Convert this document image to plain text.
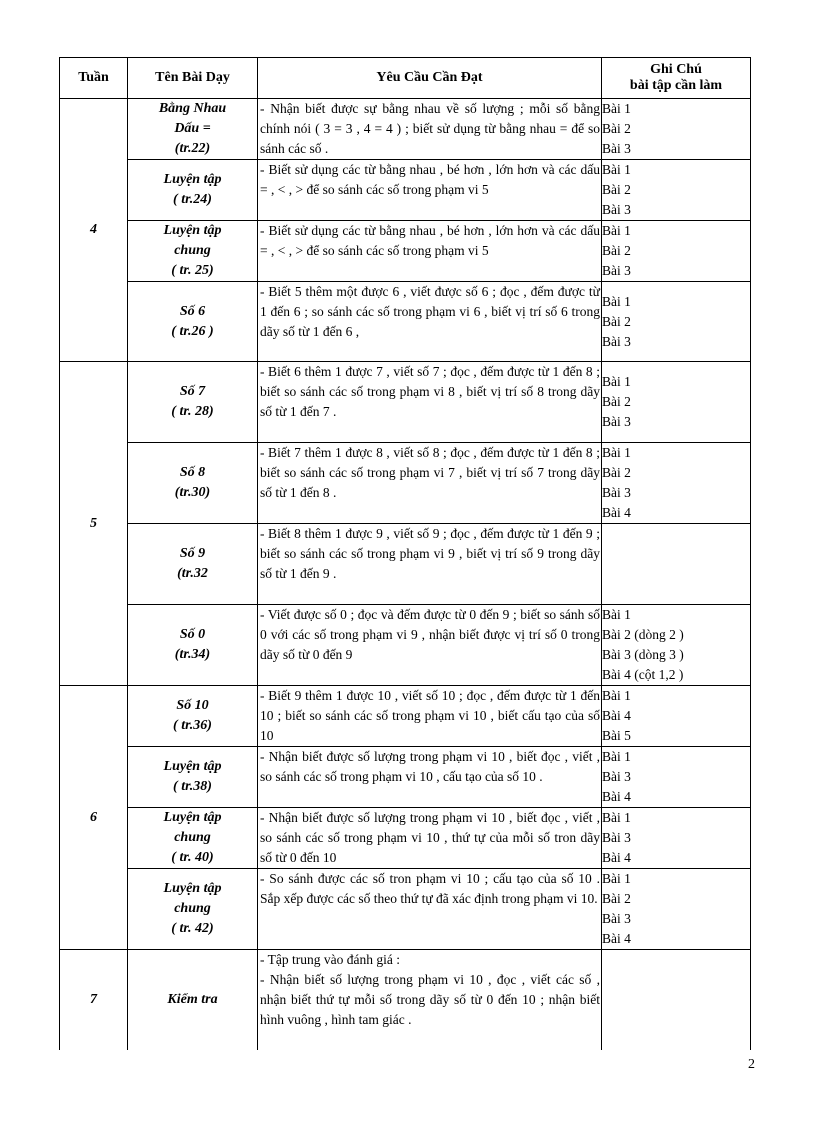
Tuần	Tên Bài Dạy	Yêu Cầu Cần Đạt	Ghi Chú
bài tập cần làm

4	Bằng Nhau
Dấu =
(tr.22)	- Nhận biết được sự bằng nhau về số lượng ; mỗi số bằng chính nói ( 3 = 3 , 4 = 4 ) ; biết sử dụng từ bằng nhau = để so sánh các số .	Bài 1
Bài 2
Bài 3

	Luyện tập
( tr.24)	- Biết sử dụng các từ bằng nhau , bé hơn , lớn hơn và các dấu = , < , > để so sánh các số trong phạm vi 5	Bài 1
Bài 2
Bài 3

	Luyện tập
chung
( tr. 25)	- Biết sử dụng các từ bằng nhau , bé hơn , lớn hơn và các dấu = , < , > để so sánh các số trong phạm vi 5	Bài 1
Bài 2
Bài 3

	Số 6
( tr.26 )	- Biết 5 thêm một được 6 , viết được số 6 ; đọc , đếm được từ 1 đến 6 ; so sánh các số trong phạm vi 6 , biết vị trí số 6 trong dãy số từ 1 đến 6 ,	Bài 1
Bài 2
Bài 3

5	Số 7
( tr. 28)	- Biết 6 thêm 1 được 7 , viết số 7 ; đọc , đếm được từ 1 đến 8 ; biết so sánh các số trong phạm vi 8 , biết vị trí số 8 trong dãy số từ 1 đến 7 .	Bài 1
Bài 2
Bài 3

	Số 8
(tr.30)	- Biết 7 thêm 1 được 8 , viết số 8 ; đọc , đếm được từ 1 đến 8 ; biết so sánh các số trong phạm vi 7 , biết vị trí số 7 trong dãy số từ 1 đến 8 .	Bài 1
Bài 2
Bài 3
Bài 4

	Số 9
(tr.32	- Biết 8 thêm 1 được 9 , viết số 9 ; đọc , đếm được từ 1 đến 9 ; biết so sánh các số trong phạm vi 9 , biết vị trí số 9 trong dãy số từ 1 đến 9 .	

	Số 0
(tr.34)	- Viết được số 0 ; đọc và đếm được từ 0 đến 9 ; biết so sánh số 0 với các số trong phạm vi 9 , nhận biết được vị trí số 0 trong dãy số từ 0 đến 9	Bài 1
Bài 2 (dòng 2 )
Bài 3 (dòng 3 )
Bài 4 (cột 1,2 )

6	Số 10
( tr.36)	- Biết 9 thêm 1 được 10 , viết số 10 ; đọc , đếm được từ 1 đến 10 ; biết so sánh các số trong phạm vi 10 , biết cấu tạo của số 10	Bài 1
Bài 4
Bài 5

	Luyện tập
( tr.38)	- Nhận biết được số lượng trong phạm vi 10 , biết đọc , viết , so sánh các số trong phạm vi 10 , cấu tạo của số 10 .	Bài 1
Bài 3
Bài 4

	Luyện tập
chung
( tr. 40)	- Nhận biết được số lượng trong phạm vi 10 , biết đọc , viết , so sánh các số trong phạm vi 10 , thứ tự của mỗi số tron dãy số từ 0 đến 10	Bài 1
Bài 3
Bài 4

	Luyện tập
chung
( tr. 42)	- So sánh được các số tron phạm vi 10 ; cấu tạo của số 10 . Sắp xếp được các số theo thứ tự đã xác định trong phạm vi 10.	Bài 1
Bài 2
Bài 3
Bài 4

7	Kiểm tra	- Tập trung vào đánh giá :
- Nhận biết số lượng trong phạm vi 10 , đọc , viết các số , nhận biết thứ tự mỗi số trong dãy số từ 0 đến 10 ; nhận biết hình vuông , hình tam giác .	

2
